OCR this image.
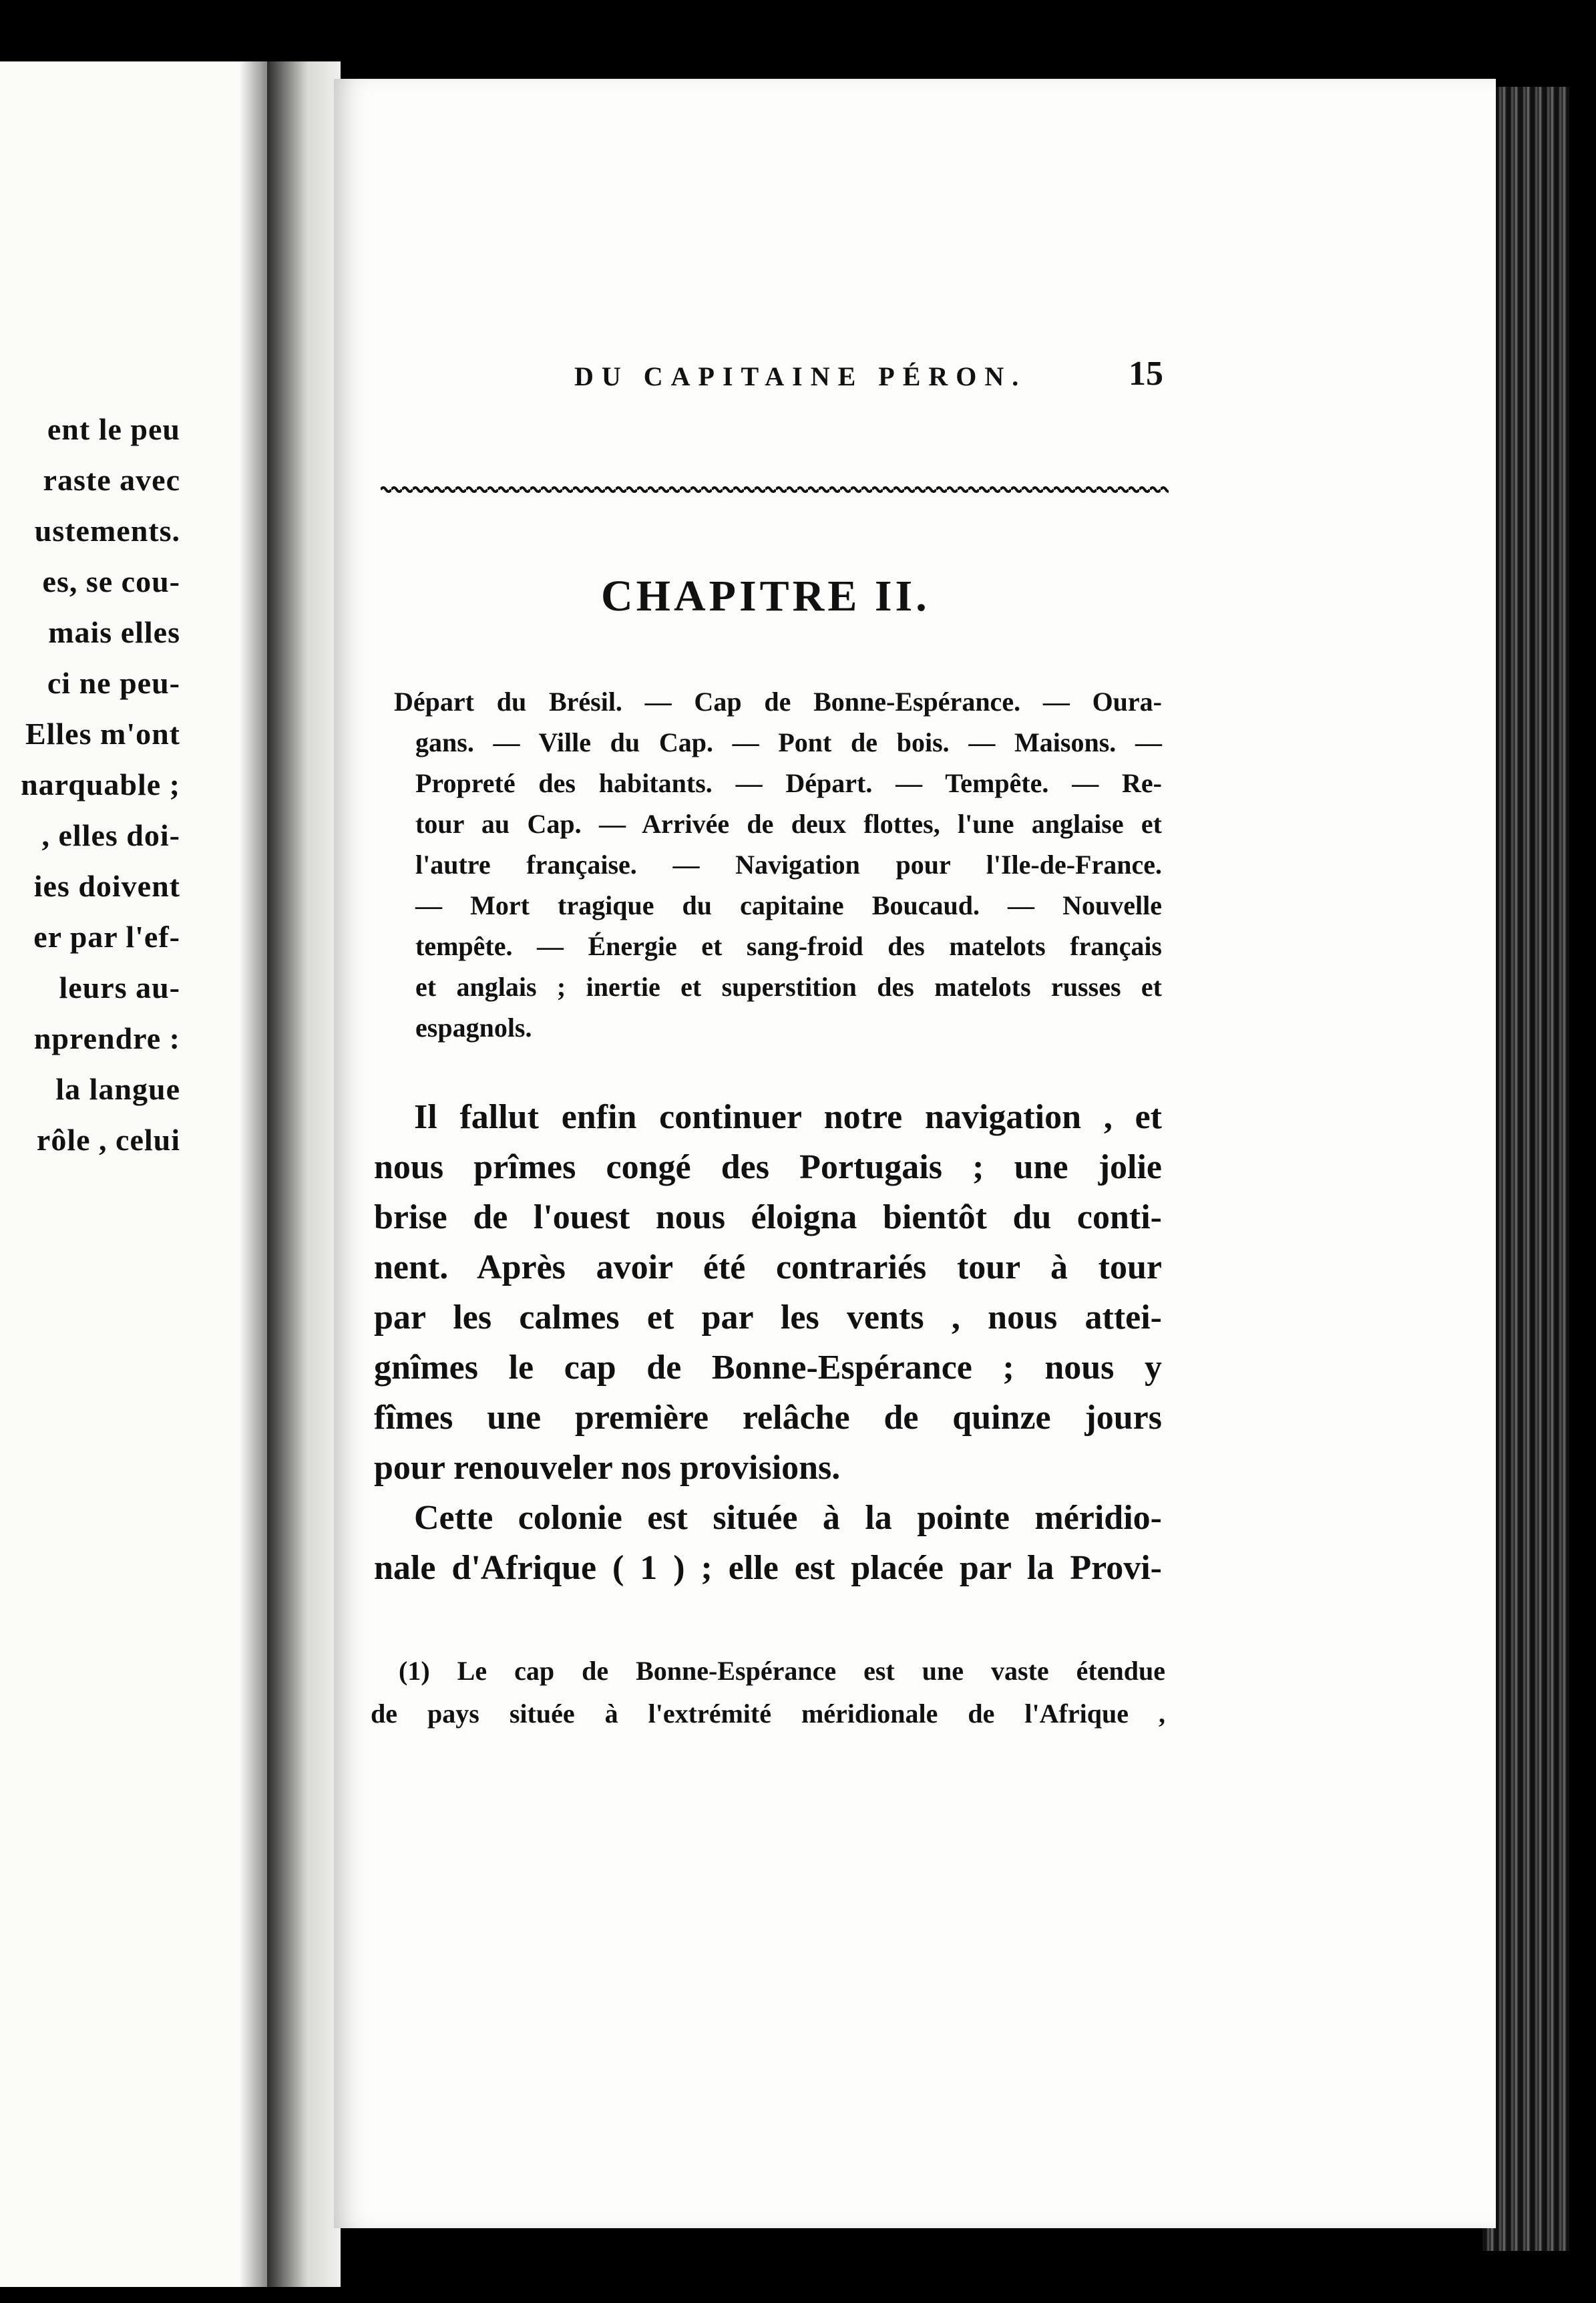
ent le peu
raste avec
ustements.
es, se cou-
mais elles
ci ne peu-
Elles m'ont
narquable ;
, elles doi-
ies doivent
er par l'ef-
leurs au-
nprendre :
la langue
rôle , celui
DU CAPITAINE PÉRON.	15
CHAPITRE II.
Départ du Brésil. — Cap de Bonne-Espérance. — Oura-
gans. — Ville du Cap. — Pont de bois. — Maisons. —
Propreté des habitants. — Départ. — Tempête. — Re-
tour au Cap. — Arrivée de deux flottes, l'une anglaise et
l'autre française. — Navigation pour l'Ile-de-France.
— Mort tragique du capitaine Boucaud. — Nouvelle
tempête. — Énergie et sang-froid des matelots français
et anglais ; inertie et superstition des matelots russes et
espagnols.
Il fallut enfin continuer notre navigation , et
nous prîmes congé des Portugais ; une jolie
brise de l'ouest nous éloigna bientôt du conti-
nent. Après avoir été contrariés tour à tour
par les calmes et par les vents , nous attei-
gnîmes le cap de Bonne-Espérance ; nous y
fîmes une première relâche de quinze jours
pour renouveler nos provisions.
Cette colonie est située à la pointe méridio-
nale d'Afrique ( 1 ) ; elle est placée par la Provi-
(1) Le cap de Bonne-Espérance est une vaste étendue
de pays située à l'extrémité méridionale de l'Afrique ,
